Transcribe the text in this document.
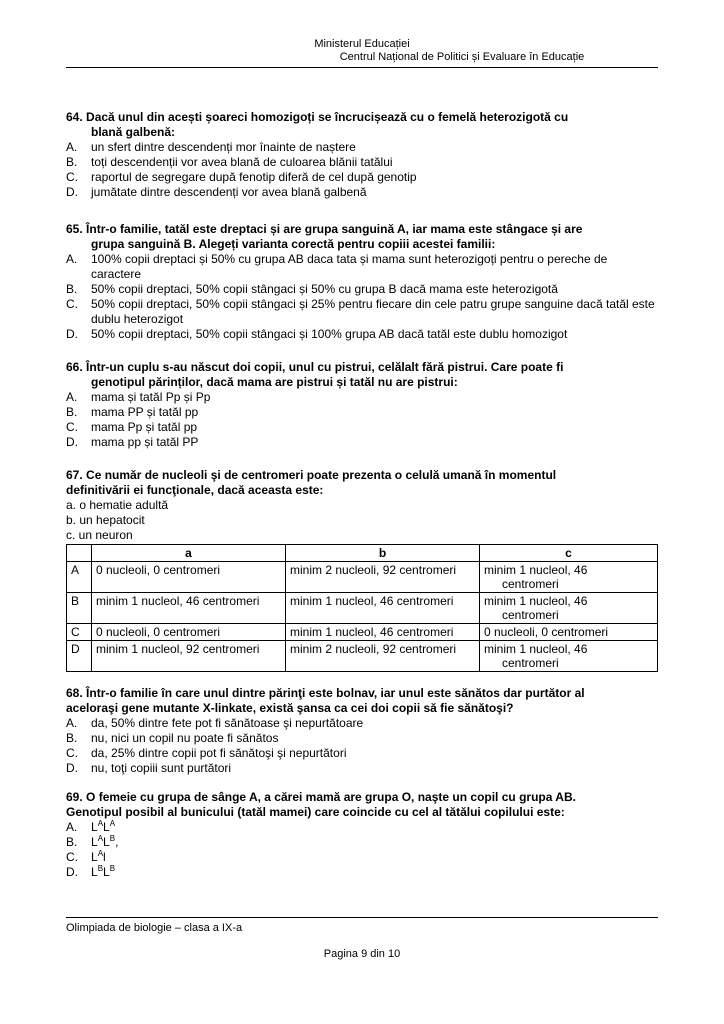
Ministerul Educației
Centrul Național de Politici și Evaluare în Educație
64. Dacă unul din acești șoareci homozigoți se încrucișează cu o femelă heterozigotă cu
blană galbenă:
A.	un sfert dintre descendenți mor înainte de naștere
B.	toți descendenții vor avea blană de culoarea blănii tatălui
C.	raportul de segregare după fenotip diferă de cel după genotip
D.	jumătate dintre descendenți vor avea blană galbenă
65. Într-o familie, tatăl este dreptaci și are grupa sanguină A, iar mama este stângace și are
grupa sanguină B. Alegeți varianta corectă pentru copiii acestei familii:
A.	100% copii dreptaci și 50% cu grupa AB daca tata și mama sunt heterozigoți pentru o pereche de caractere
B.	50% copii dreptaci, 50% copii stângaci și 50% cu grupa B dacă mama este heterozigotă
C.	50% copii dreptaci, 50% copii stângaci și 25% pentru fiecare din cele patru grupe sanguine dacă tatăl este dublu heterozigot
D.	50% copii dreptaci, 50% copii stângaci și 100% grupa AB dacă tatăl este dublu homozigot
66. Într-un cuplu s-au născut doi copii, unul cu pistrui, celălalt fără pistrui. Care poate fi
genotipul părinților, dacă mama are pistrui și tatăl nu are pistrui:
A.	mama și tatăl Pp și Pp
B.	mama PP și tatăl pp
C.	mama Pp și tatăl pp
D.	mama pp și tatăl PP
67. Ce număr de nucleoli şi de centromeri poate prezenta o celulă umană în momentul
definitivării ei funcţionale, dacă aceasta este:
a. o hematie adultă
b. un hepatocit
c. un neuron
	a	b	c
A	0 nucleoli, 0 centromeri	minim 2 nucleoli, 92 centromeri	minim 1 nucleol, 46
centromeri

B	minim 1 nucleol, 46 centromeri	minim 1 nucleol, 46 centromeri	minim 1 nucleol, 46
centromeri

C	0 nucleoli, 0 centromeri	minim 1 nucleol, 46 centromeri	0 nucleoli, 0 centromeri

D	minim 1 nucleol, 92 centromeri	minim 2 nucleoli, 92 centromeri	minim 1 nucleol, 46
centromeri
68. Într-o familie în care unul dintre părinţi este bolnav, iar unul este sănătos dar purtător al
aceloraşi gene mutante X-linkate, există şansa ca cei doi copii să fie sănătoşi?
A.	da, 50% dintre fete pot fi sănătoase şi nepurtătoare
B.	nu, nici un copil nu poate fi sănătos
C.	da, 25% dintre copii pot fi sănătoşi şi nepurtători
D.	nu, toţi copiii sunt purtători
69. O femeie cu grupa de sânge A, a cărei mamă are grupa O, naşte un copil cu grupa AB.
Genotipul posibil al bunicului (tatăl mamei) care coincide cu cel al tătălui copilului este:
A.	$L^AL^A$
B.	$L^AL^B$,
C.	$L^Al$
D.	$L^BL^B$
Olimpiada de biologie – clasa a IX-a
Pagina 9 din 10
